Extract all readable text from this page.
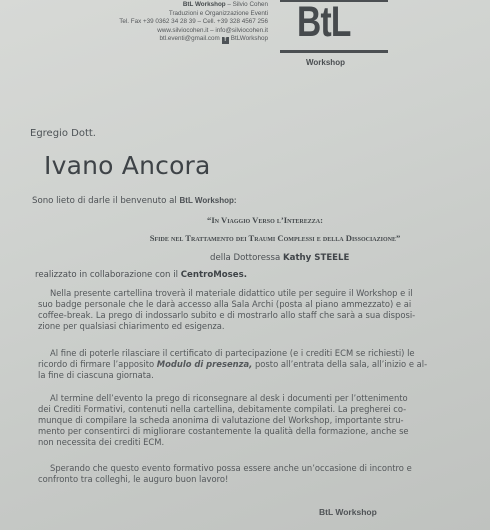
BtL Workshop – Silvio Cohen
Traduzioni e Organizzazione Eventi
Tel. Fax +39 0362 34 28 39 – Cell. +39 328 4567 256
www.silviocohen.it – info@silviocohen.it
btl.eventi@gmail.com f BtLWorkshop BtL
Workshop
Egregio Dott.
Ivano Ancora
Sono lieto di darle il benvenuto al BtL Workshop:
“In Viaggio Verso l’Interezza:
Sfide nel Trattamento dei Traumi Complessi e della Dissociazione”
della Dottoressa Kathy STEELE
realizzato in collaborazione con il CentroMoses.
Nella presente cartellina troverà il materiale didattico utile per seguire il Workshop e il
suo badge personale che le darà accesso alla Sala Archi (posta al piano ammezzato) e ai
coffee-break. La prego di indossarlo subito e di mostrarlo allo staff che sarà a sua disposi-
zione per qualsiasi chiarimento ed esigenza.
Al fine di poterle rilasciare il certificato di partecipazione (e i crediti ECM se richiesti) le
ricordo di firmare l’apposito Modulo di presenza, posto all’entrata della sala, all’inizio e al-
la fine di ciascuna giornata.
Al termine dell’evento la prego di riconsegnare al desk i documenti per l’ottenimento
dei Crediti Formativi, contenuti nella cartellina, debitamente compilati. La pregherei co-
munque di compilare la scheda anonima di valutazione del Workshop, importante stru-
mento per consentirci di migliorare costantemente la qualità della formazione, anche se
non necessita dei crediti ECM.
Sperando che questo evento formativo possa essere anche un’occasione di incontro e
confronto tra colleghi, le auguro buon lavoro!
BtL Workshop
